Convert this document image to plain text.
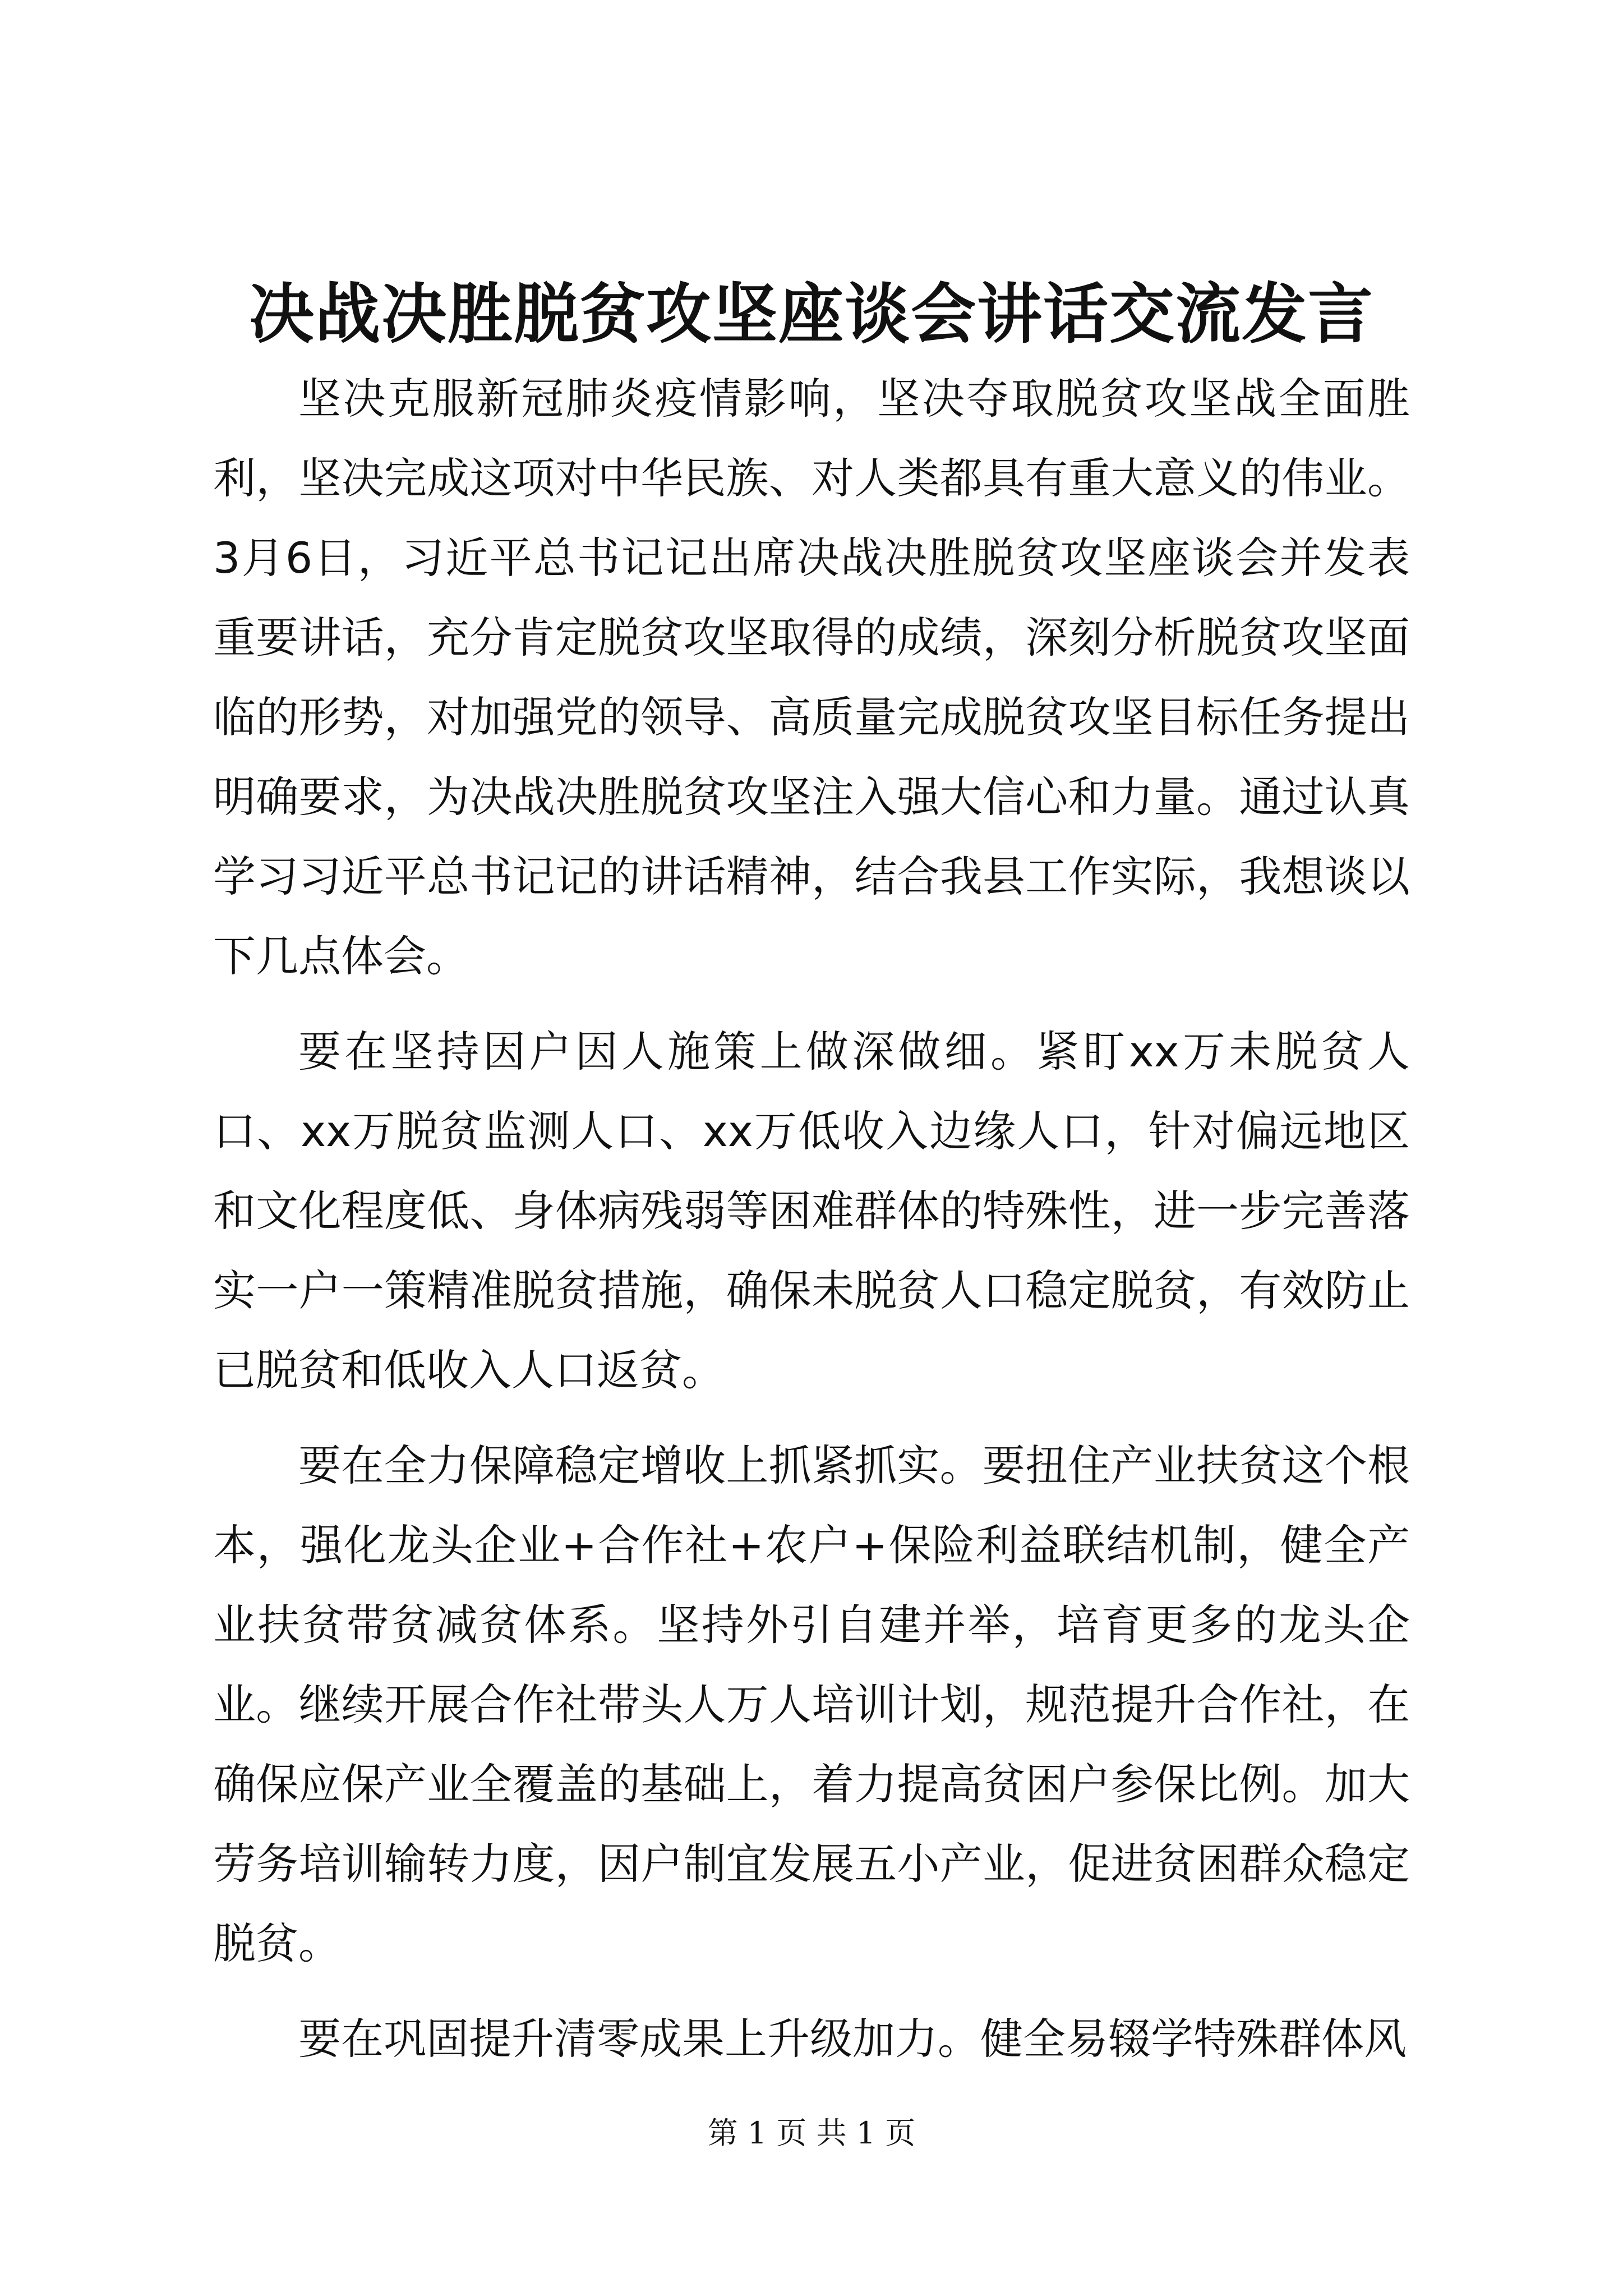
决战决胜脱贫攻坚座谈会讲话交流发言

坚决克服新冠肺炎疫情影响，坚决夺取脱贫攻坚战全面胜利，坚决完成这项对中华民族、对人类都具有重大意义的伟业。3月6日，习近平总书记记出席决战决胜脱贫攻坚座谈会并发表重要讲话，充分肯定脱贫攻坚取得的成绩，深刻分析脱贫攻坚面临的形势，对加强党的领导、高质量完成脱贫攻坚目标任务提出明确要求，为决战决胜脱贫攻坚注入强大信心和力量。通过认真学习习近平总书记记的讲话精神，结合我县工作实际，我想谈以下几点体会。

要在坚持因户因人施策上做深做细。紧盯xx万未脱贫人口、xx万脱贫监测人口、xx万低收入边缘人口，针对偏远地区和文化程度低、身体病残弱等困难群体的特殊性，进一步完善落实一户一策精准脱贫措施，确保未脱贫人口稳定脱贫，有效防止已脱贫和低收入人口返贫。

要在全力保障稳定增收上抓紧抓实。要扭住产业扶贫这个根本，强化龙头企业+合作社+农户+保险利益联结机制，健全产业扶贫带贫减贫体系。坚持外引自建并举，培育更多的龙头企业。继续开展合作社带头人万人培训计划，规范提升合作社，在确保应保产业全覆盖的基础上，着力提高贫困户参保比例。加大劳务培训输转力度，因户制宜发展五小产业，促进贫困群众稳定脱贫。

要在巩固提升清零成果上升级加力。健全易辍学特殊群体风

第 1 页 共 1 页
